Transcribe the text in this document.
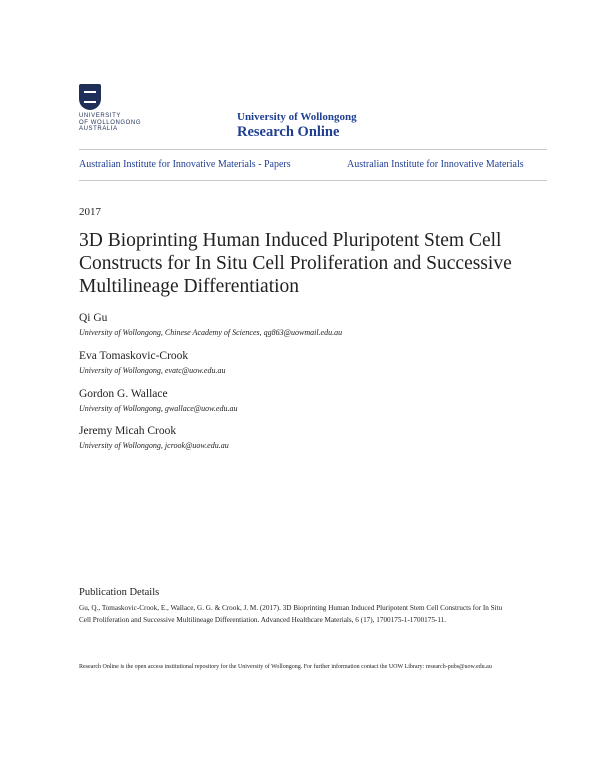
UNIVERSITY
OF WOLLONGONG
AUSTRALIA
University of Wollongong
Research Online
Australian Institute for Innovative Materials - Papers	Australian Institute for Innovative Materials
2017
3D Bioprinting Human Induced Pluripotent Stem Cell Constructs for In Situ Cell Proliferation and Successive Multilineage Differentiation
Qi Gu
University of Wollongong, Chinese Academy of Sciences, qg863@uowmail.edu.au
Eva Tomaskovic-Crook
University of Wollongong, evatc@uow.edu.au
Gordon G. Wallace
University of Wollongong, gwallace@uow.edu.au
Jeremy Micah Crook
University of Wollongong, jcrook@uow.edu.au
Publication Details
Gu, Q., Tomaskovic-Crook, E., Wallace, G. G. & Crook, J. M. (2017). 3D Bioprinting Human Induced Pluripotent Stem Cell Constructs for In Situ Cell Proliferation and Successive Multilineage Differentiation. Advanced Healthcare Materials, 6 (17), 1700175-1-1700175-11.
Research Online is the open access institutional repository for the University of Wollongong. For further information contact the UOW Library: research-pubs@uow.edu.au
